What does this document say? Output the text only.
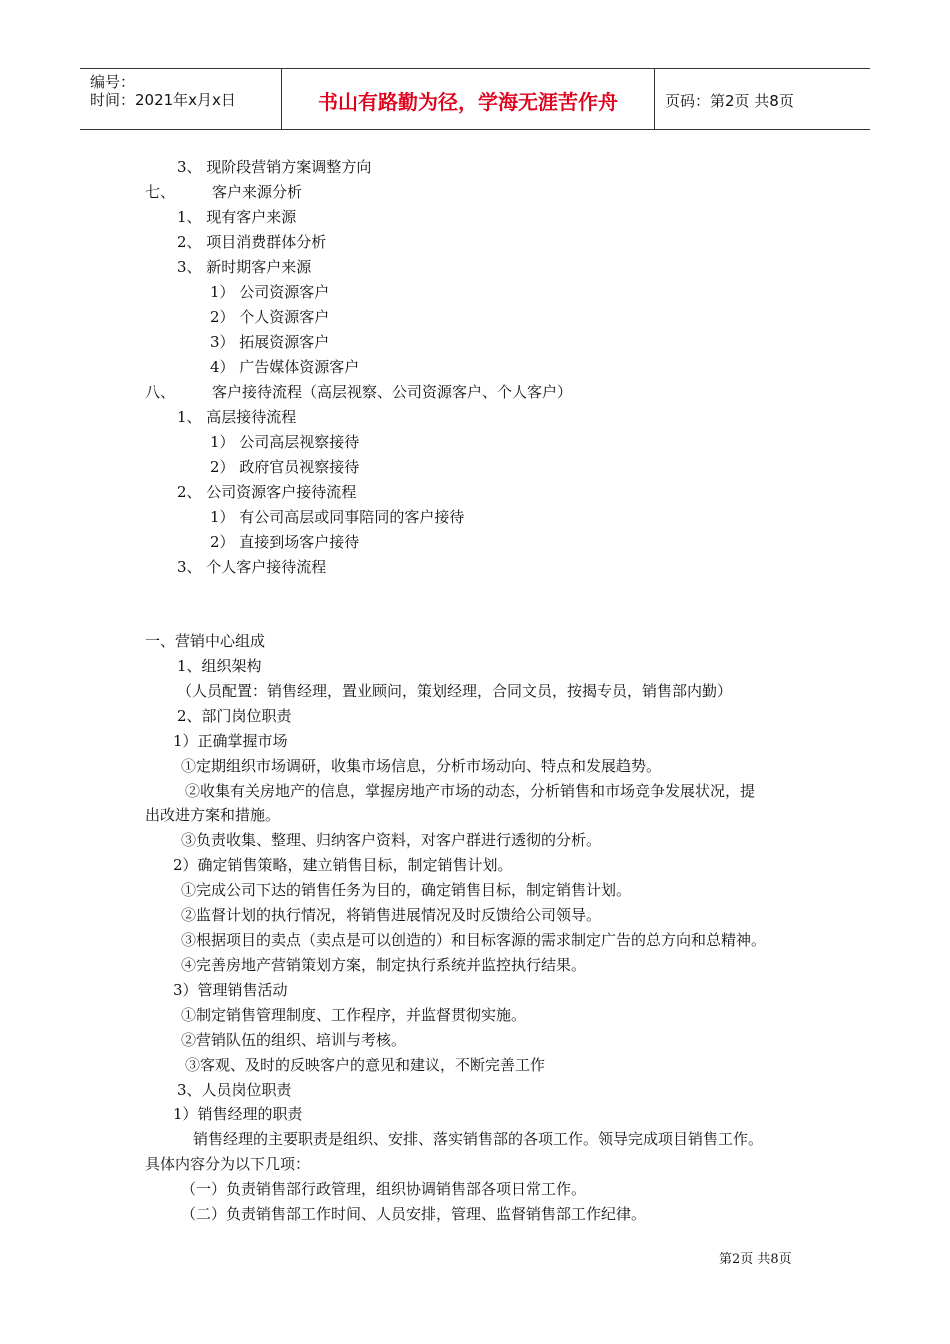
编号：
时间：2021年x月x日	书山有路勤为径，学海无涯苦作舟	页码：第2页 共8页
3、 现阶段营销方案调整方向
七、 客户来源分析
1、 现有客户来源
2、 项目消费群体分析
3、 新时期客户来源
1） 公司资源客户
2） 个人资源客户
3） 拓展资源客户
4） 广告媒体资源客户
八、 客户接待流程（高层视察、公司资源客户、个人客户）
1、 高层接待流程
1） 公司高层视察接待
2） 政府官员视察接待
2、 公司资源客户接待流程
1） 有公司高层或同事陪同的客户接待
2） 直接到场客户接待
3、 个人客户接待流程
一、营销中心组成
1、组织架构
（人员配置：销售经理，置业顾问，策划经理，合同文员，按揭专员，销售部内勤）
2、部门岗位职责
1）正确掌握市场
①定期组织市场调研，收集市场信息，分析市场动向、特点和发展趋势。
②收集有关房地产的信息，掌握房地产市场的动态，分析销售和市场竞争发展状况，提
出改进方案和措施。
③负责收集、整理、归纳客户资料，对客户群进行透彻的分析。
2）确定销售策略，建立销售目标，制定销售计划。
①完成公司下达的销售任务为目的，确定销售目标，制定销售计划。
②监督计划的执行情况，将销售进展情况及时反馈给公司领导。
③根据项目的卖点（卖点是可以创造的）和目标客源的需求制定广告的总方向和总精神。
④完善房地产营销策划方案，制定执行系统并监控执行结果。
3）管理销售活动
①制定销售管理制度、工作程序，并监督贯彻实施。
②营销队伍的组织、培训与考核。
③客观、及时的反映客户的意见和建议，不断完善工作
3、人员岗位职责
1）销售经理的职责
销售经理的主要职责是组织、安排、落实销售部的各项工作。领导完成项目销售工作。
具体内容分为以下几项：
（一）负责销售部行政管理，组织协调销售部各项日常工作。
（二）负责销售部工作时间、人员安排，管理、监督销售部工作纪律。
第2页 共8页
